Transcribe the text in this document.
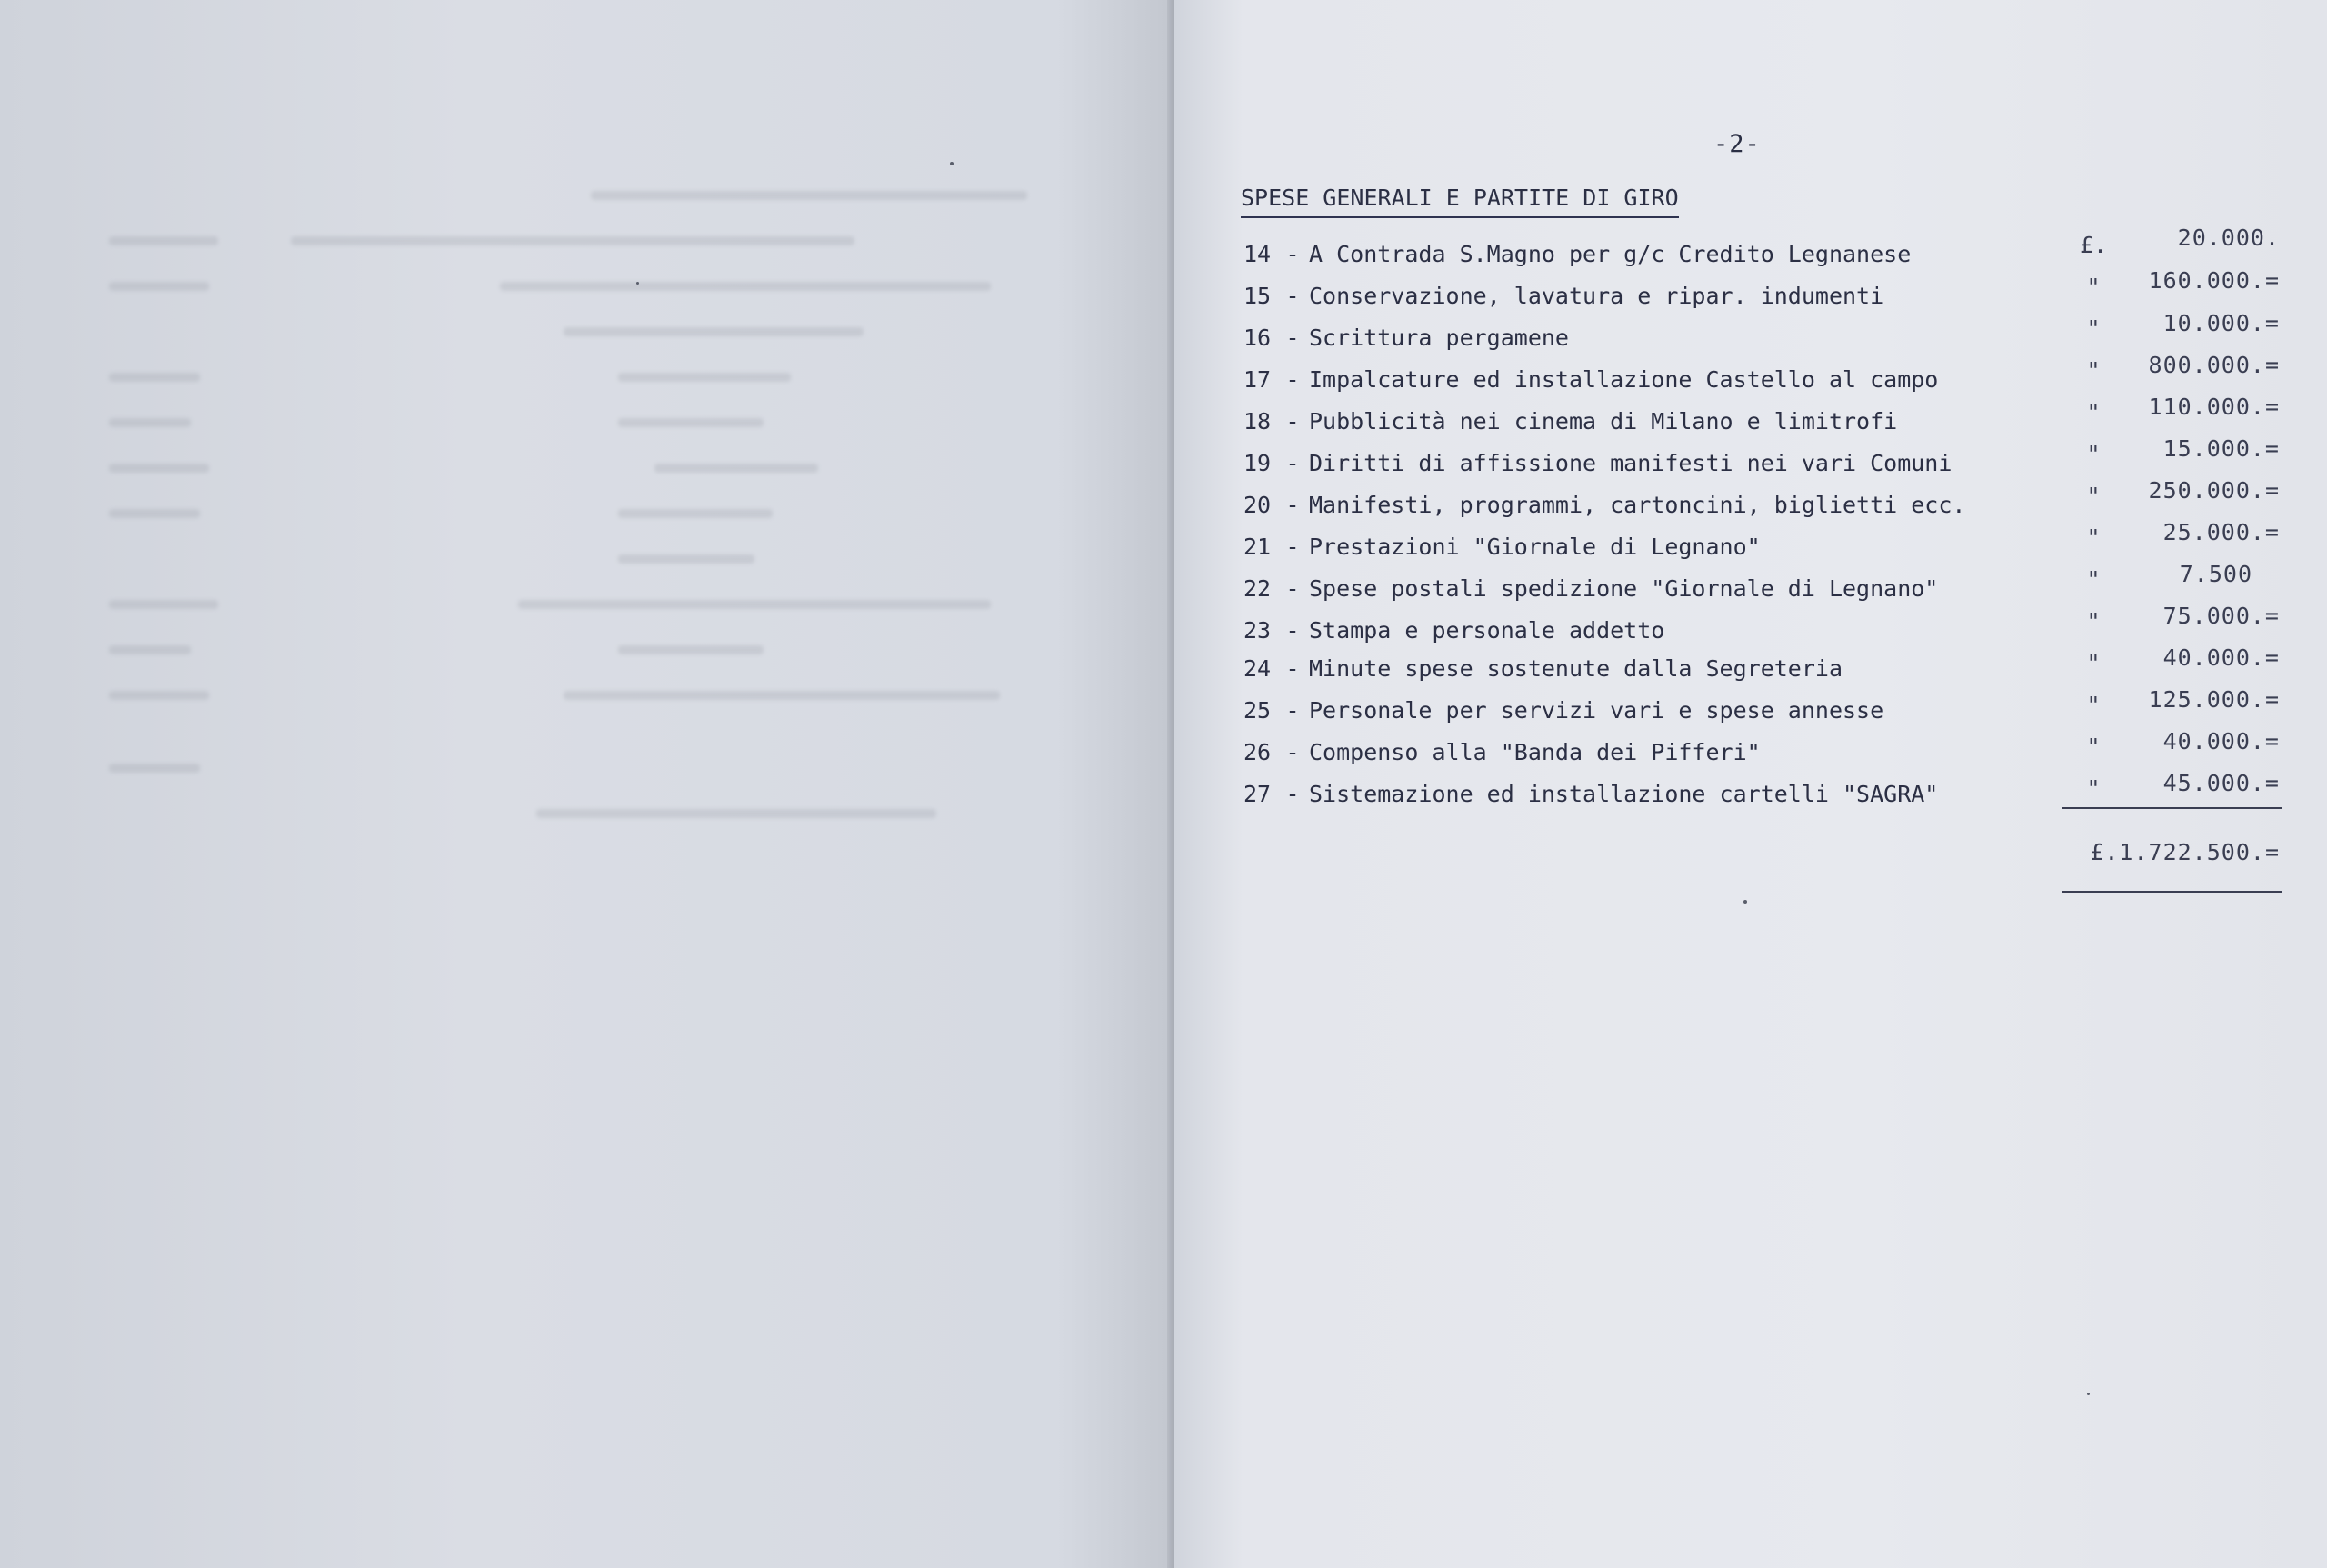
-2-
SPESE GENERALI E PARTITE DI GIRO
14 - A Contrada S.Magno per g/c Credito Legnanese
15 - Conservazione, lavatura e ripar. indumenti
16 - Scrittura pergamene
17 - Impalcature ed installazione Castello al campo
18 - Pubblicità nei cinema di Milano e limitrofi
19 - Diritti di affissione manifesti nei vari Comuni
20 - Manifesti, programmi, cartoncini, biglietti ecc.
21 - Prestazioni "Giornale di Legnano"
22 - Spese postali spedizione "Giornale di Legnano"
23 - Stampa e personale addetto
24 - Minute spese sostenute dalla Segreteria
25 - Personale per servizi vari e spese annesse
26 - Compenso alla "Banda dei Pifferi"
27 - Sistemazione ed installazione cartelli "SAGRA"
£.
"
"
"
"
"
"
"
"
"
"
"
"
"
20.000.
160.000.=
10.000.=
800.000.=
110.000.=
15.000.=
250.000.=
25.000.=
7.500
75.000.=
40.000.=
125.000.=
40.000.=
45.000.=
£.1.722.500.=
